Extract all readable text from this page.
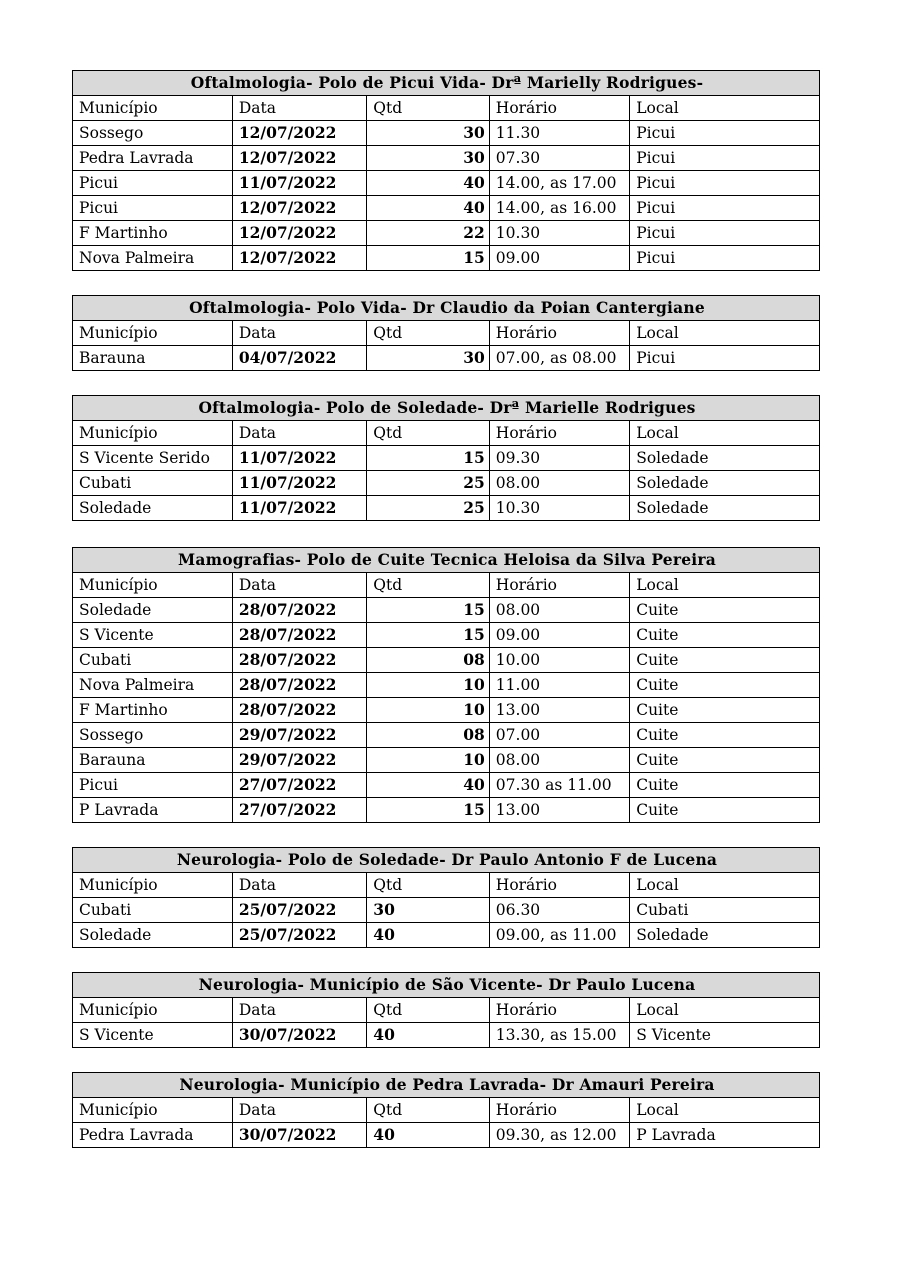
Oftalmologia- Polo de Picui Vida- Drª Marielly Rodrigues-				
Município	Data	Qtd	Horário	Local
Sossego	12/07/2022	30	11.30	Picui
Pedra Lavrada	12/07/2022	30	07.30	Picui
Picui	11/07/2022	40	14.00, as 17.00	Picui
Picui	12/07/2022	40	14.00, as 16.00	Picui
F Martinho	12/07/2022	22	10.30	Picui
Nova Palmeira	12/07/2022	15	09.00	Picui
Oftalmologia- Polo Vida- Dr Claudio da Poian Cantergiane				
Município	Data	Qtd	Horário	Local
Barauna	04/07/2022	30	07.00, as 08.00	Picui
Oftalmologia- Polo de Soledade- Drª Marielle Rodrigues				
Município	Data	Qtd	Horário	Local
S Vicente Serido	11/07/2022	15	09.30	Soledade
Cubati	11/07/2022	25	08.00	Soledade
Soledade	11/07/2022	25	10.30	Soledade
Mamografias- Polo de Cuite Tecnica Heloisa da Silva Pereira				
Município	Data	Qtd	Horário	Local
Soledade	28/07/2022	15	08.00	Cuite
S Vicente	28/07/2022	15	09.00	Cuite
Cubati	28/07/2022	08	10.00	Cuite
Nova Palmeira	28/07/2022	10	11.00	Cuite
F Martinho	28/07/2022	10	13.00	Cuite
Sossego	29/07/2022	08	07.00	Cuite
Barauna	29/07/2022	10	08.00	Cuite
Picui	27/07/2022	40	07.30 as 11.00	Cuite
P Lavrada	27/07/2022	15	13.00	Cuite
Neurologia- Polo de Soledade- Dr Paulo Antonio F de Lucena				
Município	Data	Qtd	Horário	Local
Cubati	25/07/2022	30	06.30	Cubati
Soledade	25/07/2022	40	09.00, as 11.00	Soledade
Neurologia- Município de São Vicente- Dr Paulo Lucena				
Município	Data	Qtd	Horário	Local
S Vicente	30/07/2022	40	13.30, as 15.00	S Vicente
Neurologia- Município de Pedra Lavrada- Dr Amauri Pereira				
Município	Data	Qtd	Horário	Local
Pedra Lavrada	30/07/2022	40	09.30, as 12.00	P Lavrada
